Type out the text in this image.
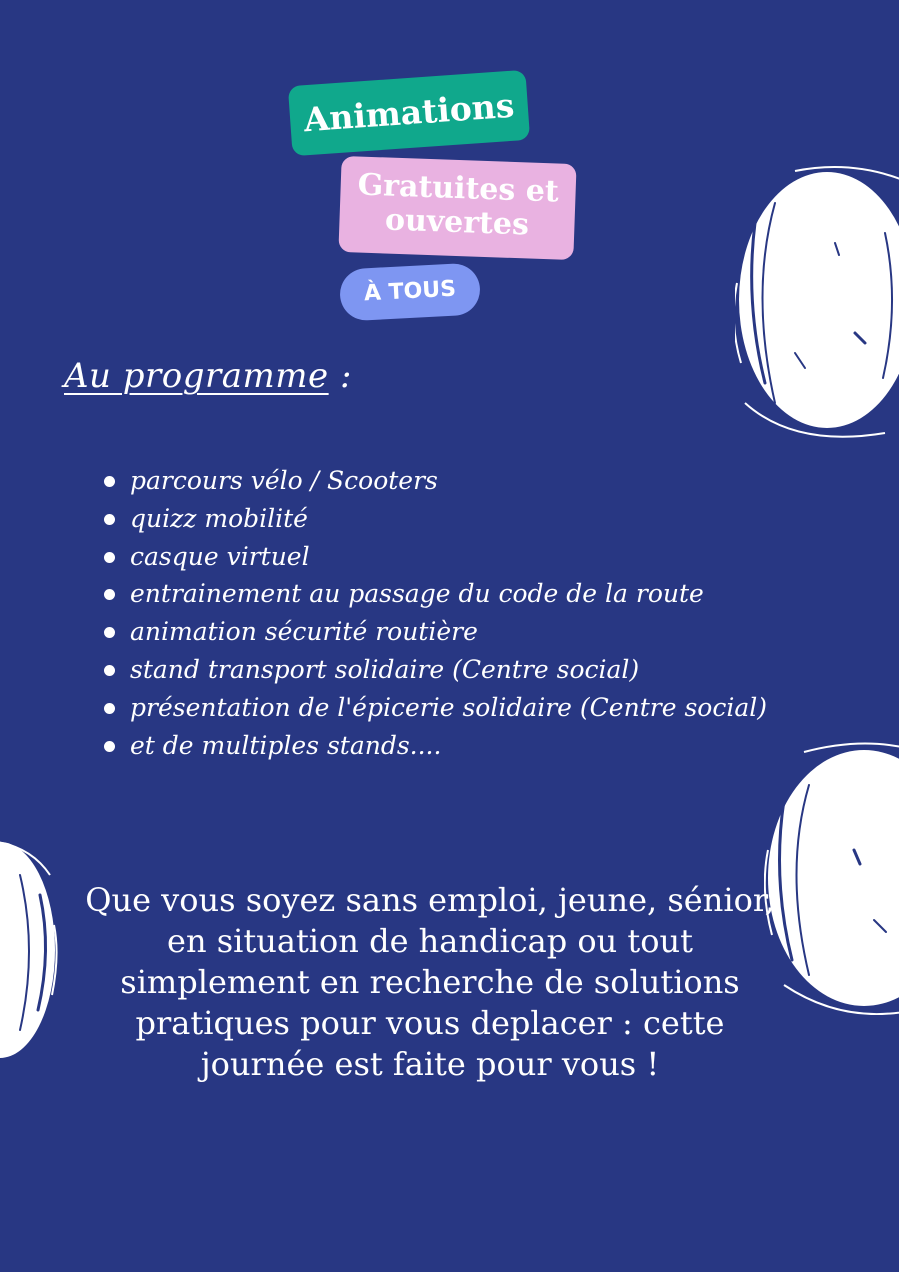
Animations
Gratuites et
ouvertes
À TOUS
Au programme :
parcours vélo / Scooters
quizz mobilité
casque virtuel
entrainement au passage du code de la route
animation sécurité routière
stand transport solidaire (Centre social)
présentation de l'épicerie solidaire (Centre social)
et de multiples stands....

Que vous soyez sans emploi, jeune, sénior,
en situation de handicap ou tout
simplement en recherche de solutions
pratiques pour vous deplacer : cette
journée est faite pour vous !
